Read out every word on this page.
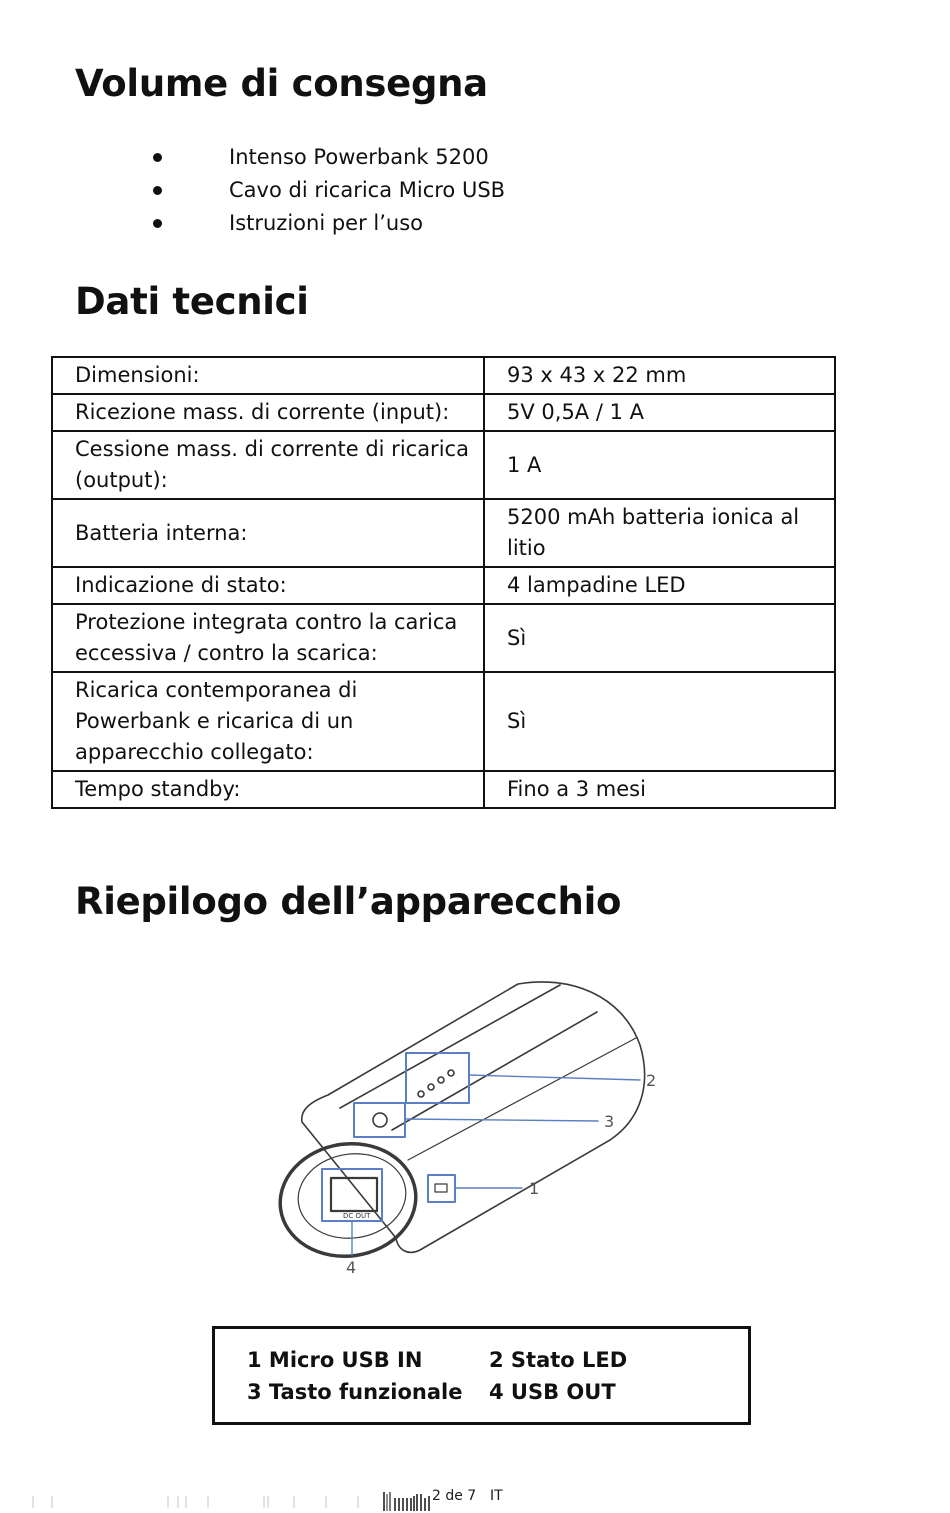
Volume di consegna
Intenso Powerbank 5200
Cavo di ricarica Micro USB
Istruzioni per l’uso
Dati tecnici
Dimensioni:	93 x 43 x 22 mm
Ricezione mass. di corrente (input):	5V 0,5A / 1 A
Cessione mass. di corrente di ricarica (output):	1 A
Batteria interna:	5200 mAh batteria ionica al litio
Indicazione di stato:	4 lampadine LED
Protezione integrata contro la carica eccessiva / contro la scarica:	Sì
Ricarica contemporanea di Powerbank e ricarica di un apparecchio collegato:	Sì
Tempo standby:	Fino a 3 mesi
Riepilogo dell’apparecchio
DC OUT
2
3
1
4
1 Micro USB IN	2 Stato LED
3 Tasto funzionale 4 USB OUT
2 de 7 IT
